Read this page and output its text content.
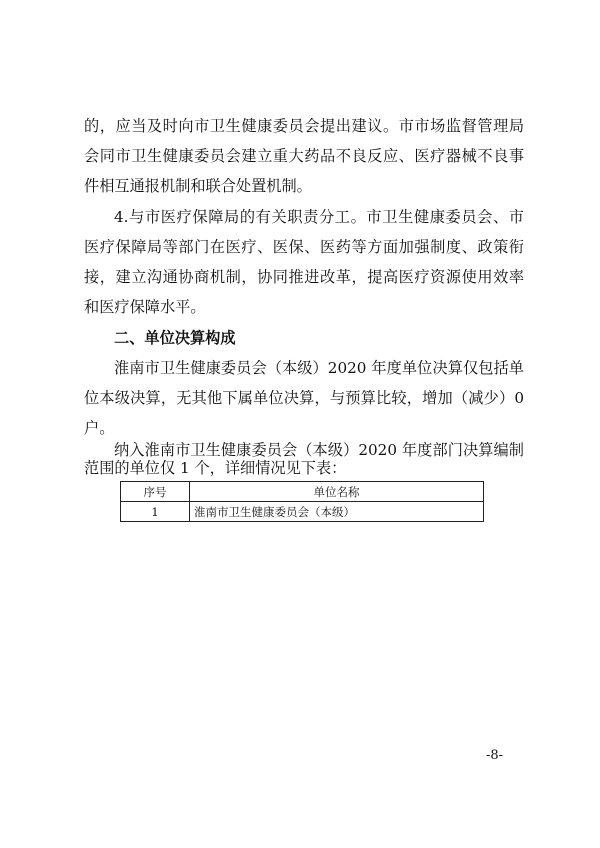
的，应当及时向市卫生健康委员会提出建议。市市场监督管理局
会同市卫生健康委员会建立重大药品不良反应、医疗器械不良事
件相互通报机制和联合处置机制。
4.与市医疗保障局的有关职责分工。市卫生健康委员会、市
医疗保障局等部门在医疗、医保、医药等方面加强制度、政策衔
接，建立沟通协商机制，协同推进改革，提高医疗资源使用效率
和医疗保障水平。
二、单位决算构成
淮南市卫生健康委员会（本级）2020 年度单位决算仅包括单
位本级决算，无其他下属单位决算，与预算比较，增加（减少）0
户。
纳入淮南市卫生健康委员会（本级）2020 年度部门决算编制
范围的单位仅 1 个，详细情况见下表：
序号	单位名称
1	淮南市卫生健康委员会（本级）
-8-
